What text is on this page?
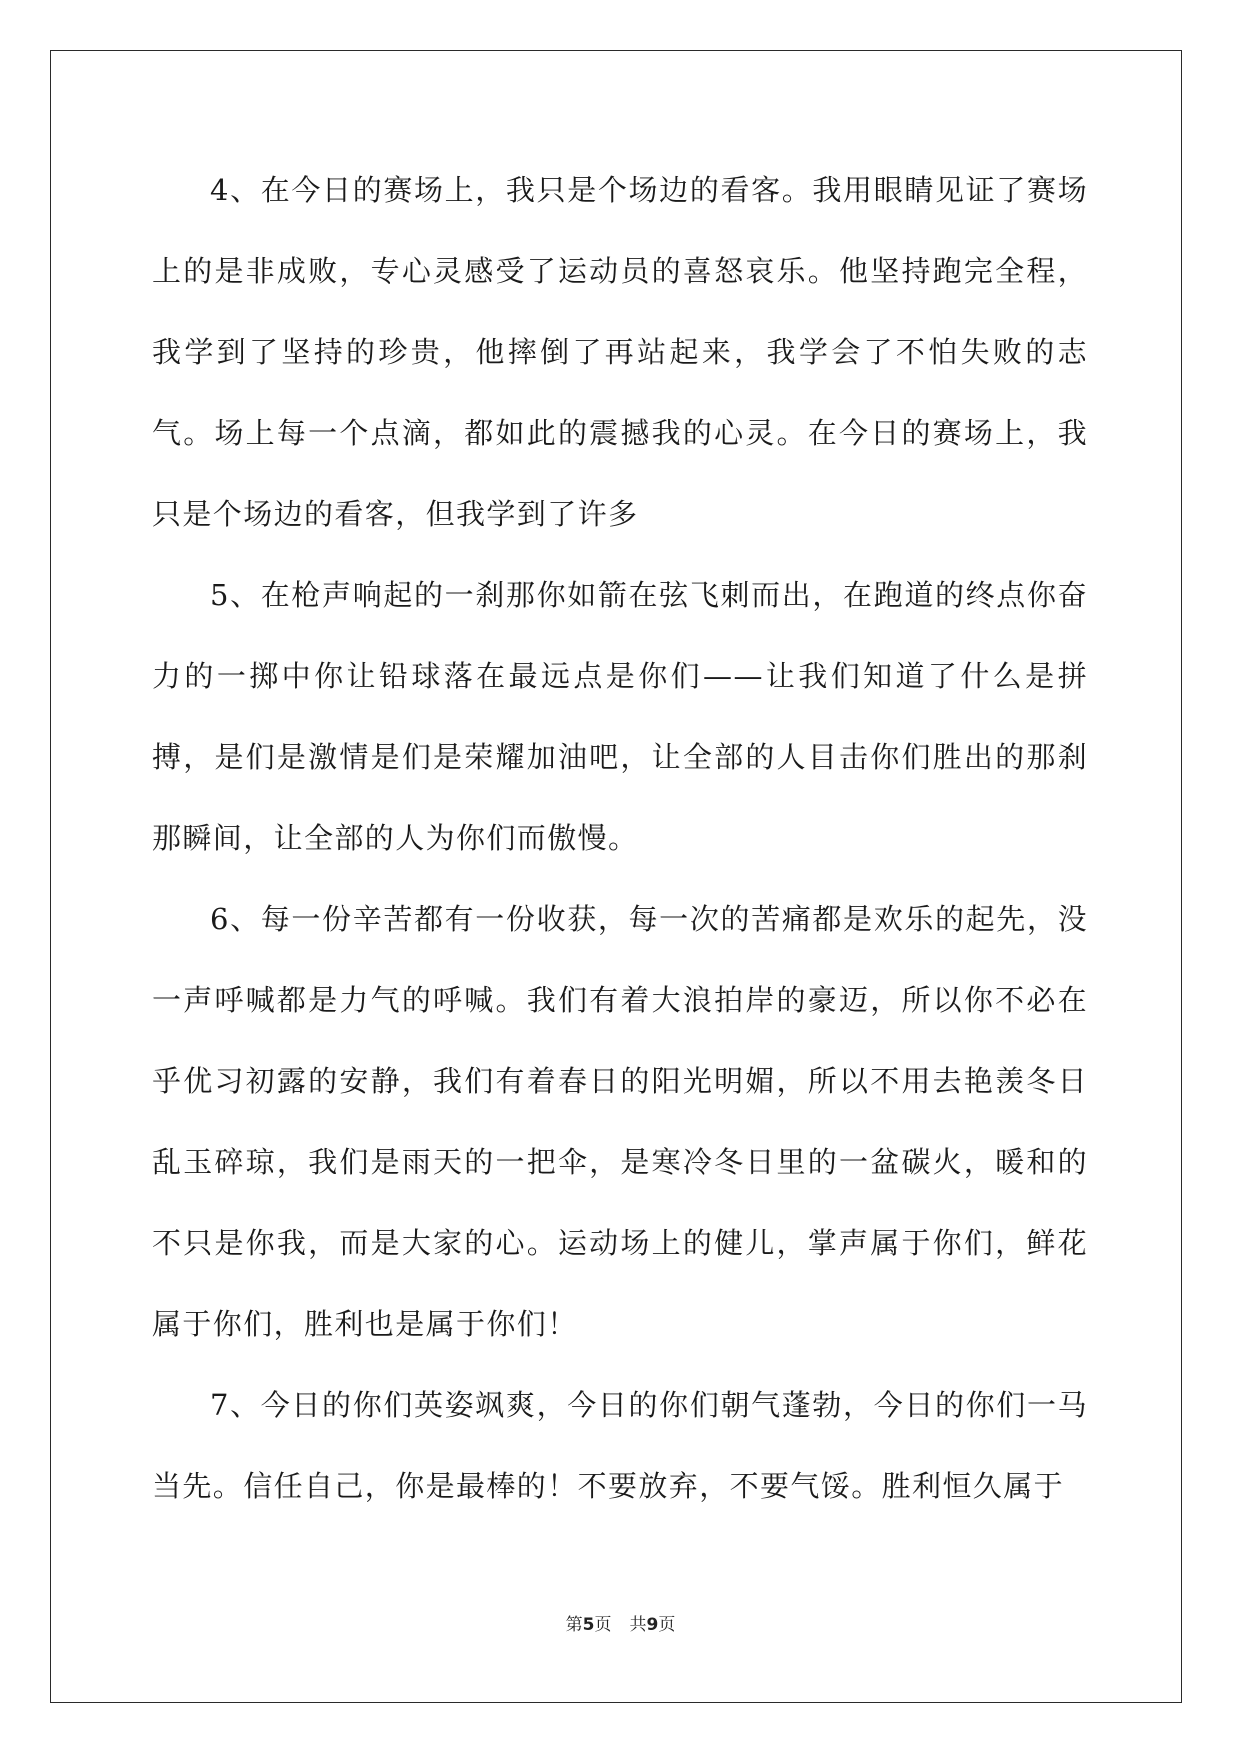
4、在今日的赛场上，我只是个场边的看客。我用眼睛见证了赛场上的是非成败，专心灵感受了运动员的喜怒哀乐。他坚持跑完全程，我学到了坚持的珍贵，他摔倒了再站起来，我学会了不怕失败的志气。场上每一个点滴，都如此的震撼我的心灵。在今日的赛场上，我只是个场边的看客，但我学到了许多

5、在枪声响起的一刹那你如箭在弦飞刺而出，在跑道的终点你奋力的一掷中你让铅球落在最远点是你们——让我们知道了什么是拼搏，是们是激情是们是荣耀加油吧，让全部的人目击你们胜出的那刹那瞬间，让全部的人为你们而傲慢。

6、每一份辛苦都有一份收获，每一次的苦痛都是欢乐的起先，没一声呼喊都是力气的呼喊。我们有着大浪拍岸的豪迈，所以你不必在乎优习初露的安静，我们有着春日的阳光明媚，所以不用去艳羡冬日乱玉碎琼，我们是雨天的一把伞，是寒冷冬日里的一盆碳火，暖和的不只是你我，而是大家的心。运动场上的健儿，掌声属于你们，鲜花属于你们，胜利也是属于你们！

7、今日的你们英姿飒爽，今日的你们朝气蓬勃，今日的你们一马当先。信任自己，你是最棒的！不要放弃，不要气馁。胜利恒久属于

第5页 共9页
